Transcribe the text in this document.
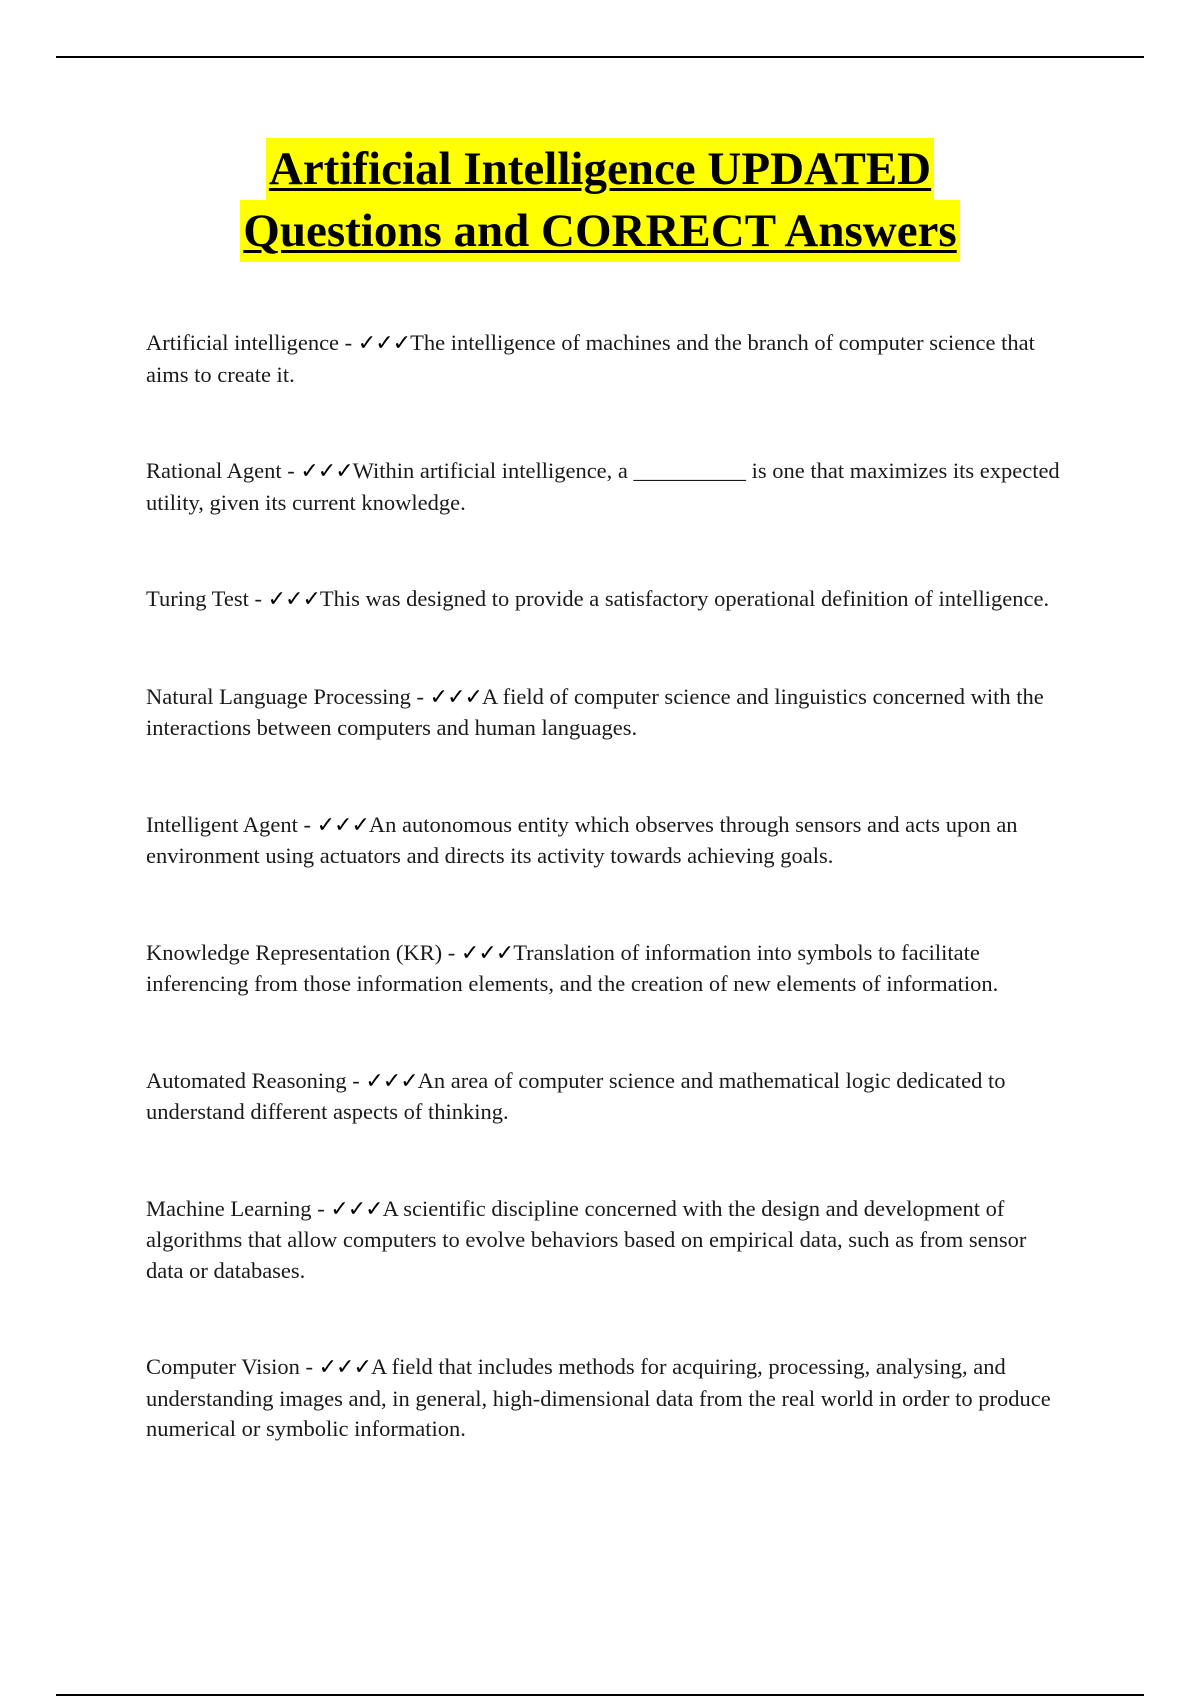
Artificial Intelligence UPDATED
Questions and CORRECT Answers

Artificial intelligence - ✓✓✓The intelligence of machines and the branch of computer science that aims to create it.

Rational Agent - ✓✓✓Within artificial intelligence, a __________ is one that maximizes its expected utility, given its current knowledge.

Turing Test - ✓✓✓This was designed to provide a satisfactory operational definition of intelligence.

Natural Language Processing - ✓✓✓A field of computer science and linguistics concerned with the interactions between computers and human languages.

Intelligent Agent - ✓✓✓An autonomous entity which observes through sensors and acts upon an environment using actuators and directs its activity towards achieving goals.

Knowledge Representation (KR) - ✓✓✓Translation of information into symbols to facilitate inferencing from those information elements, and the creation of new elements of information.

Automated Reasoning - ✓✓✓An area of computer science and mathematical logic dedicated to understand different aspects of thinking.

Machine Learning - ✓✓✓A scientific discipline concerned with the design and development of algorithms that allow computers to evolve behaviors based on empirical data, such as from sensor data or databases.

Computer Vision - ✓✓✓A field that includes methods for acquiring, processing, analysing, and understanding images and, in general, high-dimensional data from the real world in order to produce numerical or symbolic information.
